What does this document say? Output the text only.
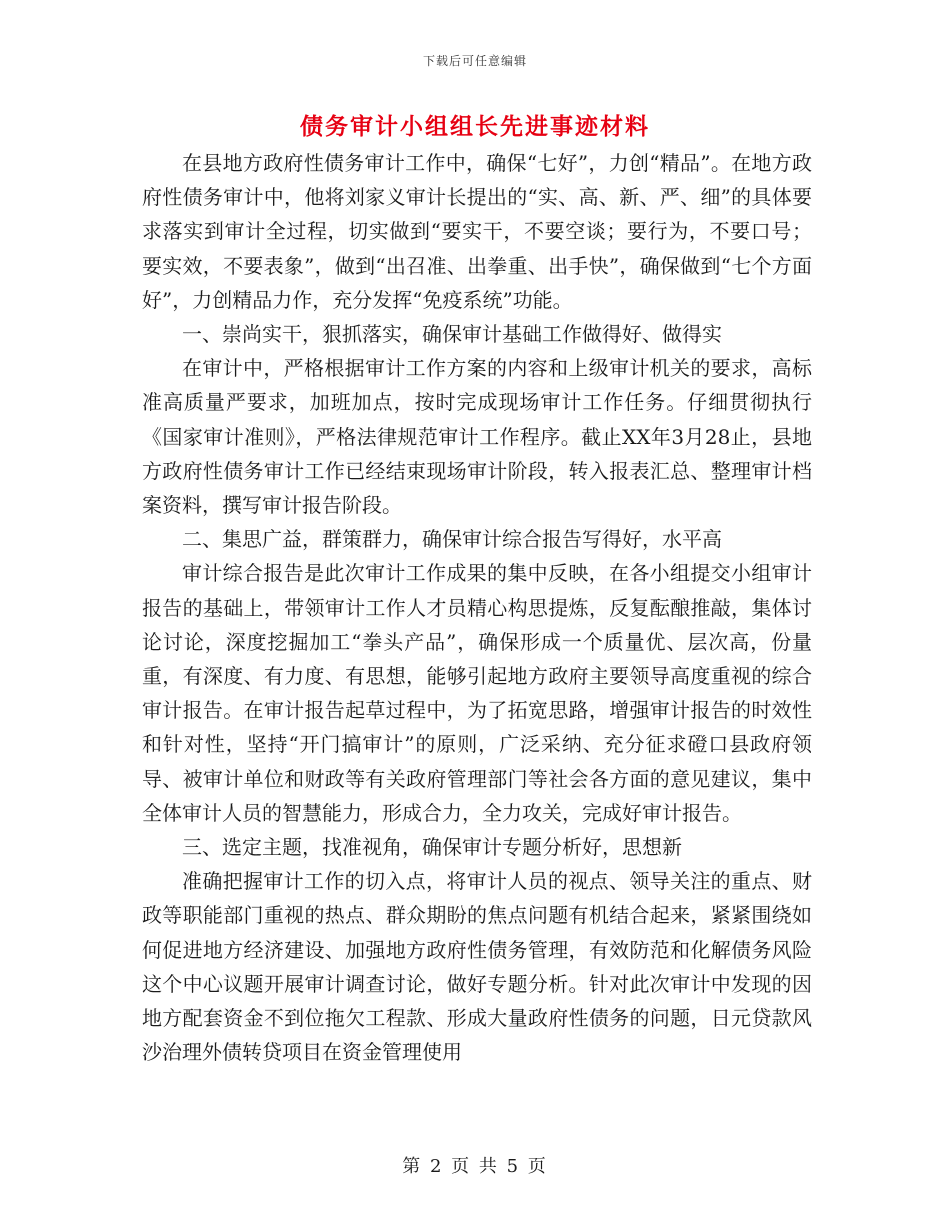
下载后可任意编辑
债务审计小组组长先进事迹材料

在县地方政府性债务审计工作中，确保“七好”，力创“精品”。在地方政府性债务审计中，他将刘家义审计长提出的“实、高、新、严、细”的具体要求落实到审计全过程，切实做到“要实干，不要空谈；要行为，不要口号；要实效，不要表象”，做到“出召准、出拳重、出手快”，确保做到“七个方面好”，力创精品力作，充分发挥“免疫系统”功能。

一、崇尚实干，狠抓落实，确保审计基础工作做得好、做得实

在审计中，严格根据审计工作方案的内容和上级审计机关的要求，高标准高质量严要求，加班加点，按时完成现场审计工作任务。仔细贯彻执行《国家审计准则》，严格法律规范审计工作程序。截止XX年3月28止，县地方政府性债务审计工作已经结束现场审计阶段，转入报表汇总、整理审计档案资料，撰写审计报告阶段。

二、集思广益，群策群力，确保审计综合报告写得好，水平高

审计综合报告是此次审计工作成果的集中反映，在各小组提交小组审计报告的基础上，带领审计工作人才员精心构思提炼，反复酝酿推敲，集体讨论讨论，深度挖掘加工“拳头产品”，确保形成一个质量优、层次高，份量重，有深度、有力度、有思想，能够引起地方政府主要领导高度重视的综合审计报告。在审计报告起草过程中，为了拓宽思路，增强审计报告的时效性和针对性，坚持“开门搞审计”的原则，广泛采纳、充分征求磴口县政府领导、被审计单位和财政等有关政府管理部门等社会各方面的意见建议，集中全体审计人员的智慧能力，形成合力，全力攻关，完成好审计报告。

三、选定主题，找准视角，确保审计专题分析好，思想新

准确把握审计工作的切入点，将审计人员的视点、领导关注的重点、财政等职能部门重视的热点、群众期盼的焦点问题有机结合起来，紧紧围绕如何促进地方经济建设、加强地方政府性债务管理，有效防范和化解债务风险这个中心议题开展审计调查讨论，做好专题分析。针对此次审计中发现的因地方配套资金不到位拖欠工程款、形成大量政府性债务的问题，日元贷款风沙治理外债转贷项目在资金管理使用

第 2 页 共 5 页
